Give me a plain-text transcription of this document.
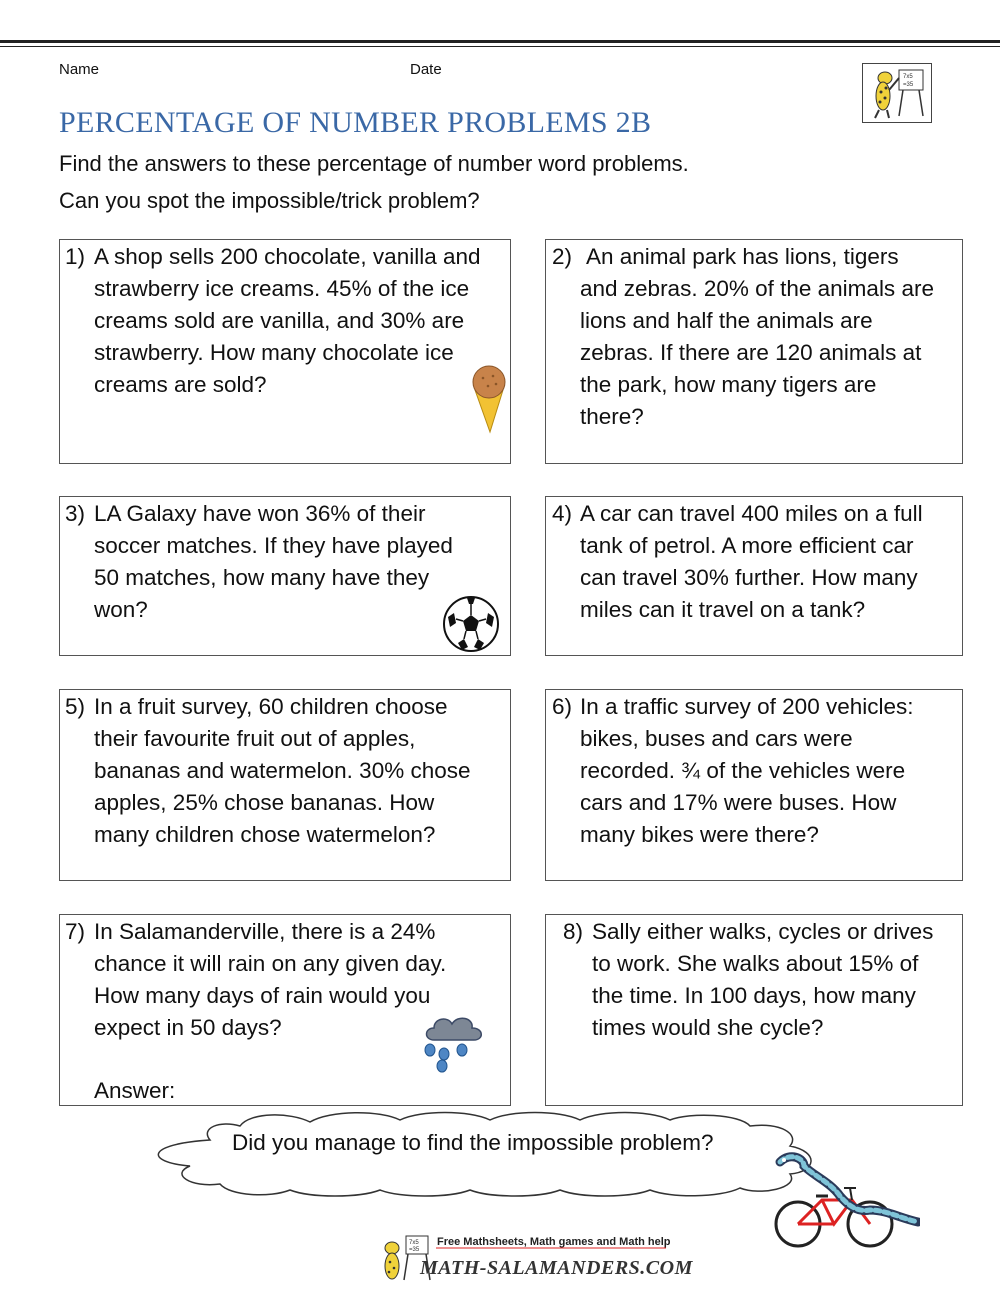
Name	Date	7x5
=35
PERCENTAGE OF NUMBER PROBLEMS 2B
Find the answers to these percentage of number word problems.
Can you spot the impossible/trick problem?
1) A shop sells 200 chocolate, vanilla and
strawberry ice creams. 45% of the ice
creams sold are vanilla, and 30% are
strawberry. How many chocolate ice
creams are sold?
2) An animal park has lions, tigers
and zebras. 20% of the animals are
lions and half the animals are
zebras. If there are 120 animals at
the park, how many tigers are
there?
3) LA Galaxy have won 36% of their
soccer matches. If they have played
50 matches, how many have they
won?
4) A car can travel 400 miles on a full
tank of petrol. A more efficient car
can travel 30% further. How many
miles can it travel on a tank?
5) In a fruit survey, 60 children choose
their favourite fruit out of apples,
bananas and watermelon. 30% chose
apples, 25% chose bananas. How
many children chose watermelon?
6) In a traffic survey of 200 vehicles:
bikes, buses and cars were
recorded. ¾ of the vehicles were
cars and 17% were buses. How
many bikes were there?
7) In Salamanderville, there is a 24%
chance it will rain on any given day.
How many days of rain would you
expect in 50 days?
Answer:
8) Sally either walks, cycles or drives
to work. She walks about 15% of
the time. In 100 days, how many
times would she cycle?
Did you manage to find the impossible problem?
7x5
=35
Free Mathsheets, Math games and Math help
MATH-SALAMANDERS.COM
